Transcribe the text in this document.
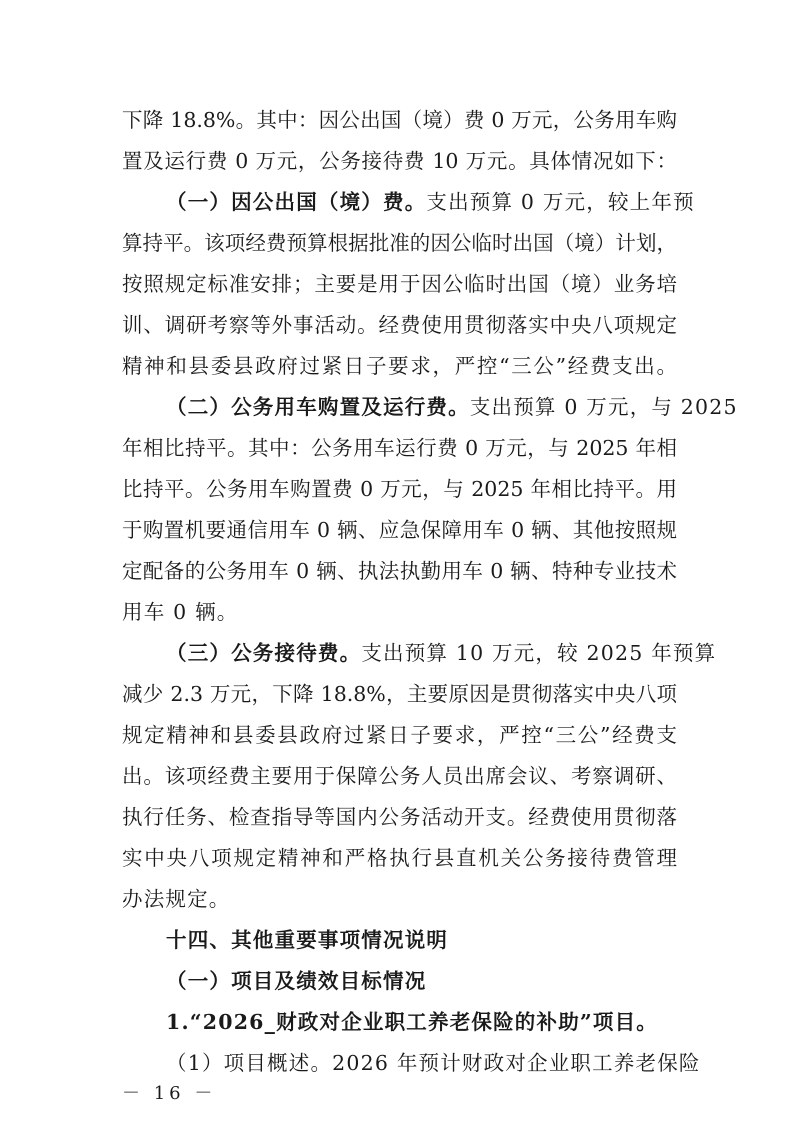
下降 18.8%。其中：因公出国（境）费 0 万元，公务用车购
置及运行费 0 万元，公务接待费 10 万元。具体情况如下：
（一）因公出国（境）费。支出预算 0 万元，较上年预
算持平。该项经费预算根据批准的因公临时出国（境）计划，
按照规定标准安排；主要是用于因公临时出国（境）业务培
训、调研考察等外事活动。经费使用贯彻落实中央八项规定
精神和县委县政府过紧日子要求，严控“三公”经费支出。
（二）公务用车购置及运行费。支出预算 0 万元，与 2025
年相比持平。其中：公务用车运行费 0 万元，与 2025 年相
比持平。公务用车购置费 0 万元，与 2025 年相比持平。用
于购置机要通信用车 0 辆、应急保障用车 0 辆、其他按照规
定配备的公务用车 0 辆、执法执勤用车 0 辆、特种专业技术
用车 0 辆。
（三）公务接待费。支出预算 10 万元，较 2025 年预算
减少 2.3 万元，下降 18.8%，主要原因是贯彻落实中央八项
规定精神和县委县政府过紧日子要求，严控“三公”经费支
出。该项经费主要用于保障公务人员出席会议、考察调研、
执行任务、检查指导等国内公务活动开支。经费使用贯彻落
实中央八项规定精神和严格执行县直机关公务接待费管理
办法规定。
十四、其他重要事项情况说明
（一）项目及绩效目标情况
1.“2026_财政对企业职工养老保险的补助”项目。
（1）项目概述。2026 年预计财政对企业职工养老保险
－ 16 －
